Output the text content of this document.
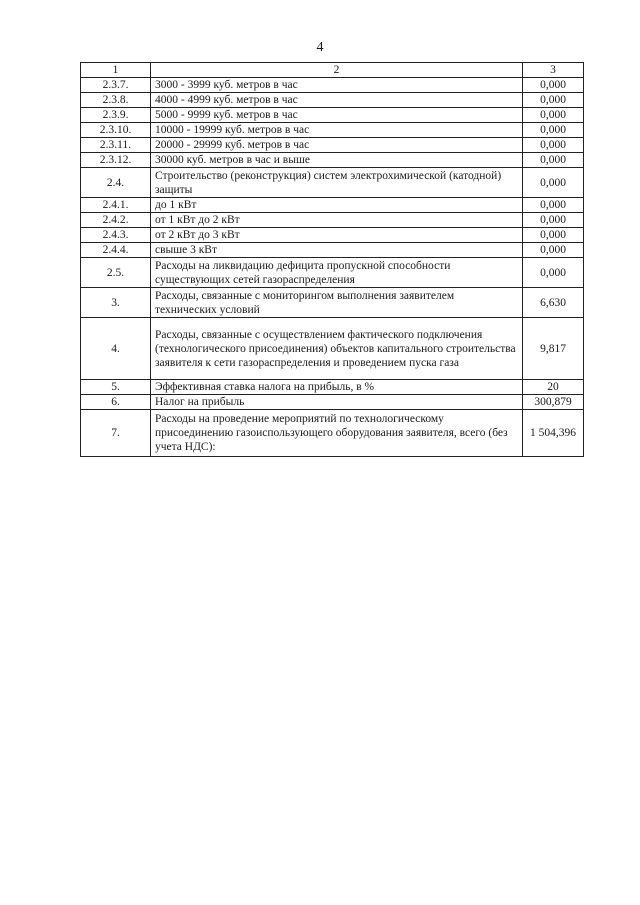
4
1	2	3
2.3.7.	3000 - 3999 куб. метров в час	0,000
2.3.8.	4000 - 4999 куб. метров в час	0,000
2.3.9.	5000 - 9999 куб. метров в час	0,000
2.3.10.	10000 - 19999 куб. метров в час	0,000
2.3.11.	20000 - 29999 куб. метров в час	0,000
2.3.12.	30000 куб. метров в час и выше	0,000
2.4.	Строительство (реконструкция) систем электрохимической (катодной) защиты	0,000
2.4.1.	до 1 кВт	0,000
2.4.2.	от 1 кВт до 2 кВт	0,000
2.4.3.	от 2 кВт до 3 кВт	0,000
2.4.4.	свыше 3 кВт	0,000
2.5.	Расходы на ликвидацию дефицита пропускной способности существующих сетей газораспределения	0,000
3.	Расходы, связанные с мониторингом выполнения заявителем технических условий	6,630
4.	Расходы, связанные с осуществлением фактического подключения (технологического присоединения) объектов капитального строительства заявителя к сети газораспределения и проведением пуска газа	9,817
5.	Эффективная ставка налога на прибыль, в %	20
6.	Налог на прибыль	300,879
7.	Расходы на проведение мероприятий по технологическому присоединению газоиспользующего оборудования заявителя, всего (без учета НДС):	1 504,396
